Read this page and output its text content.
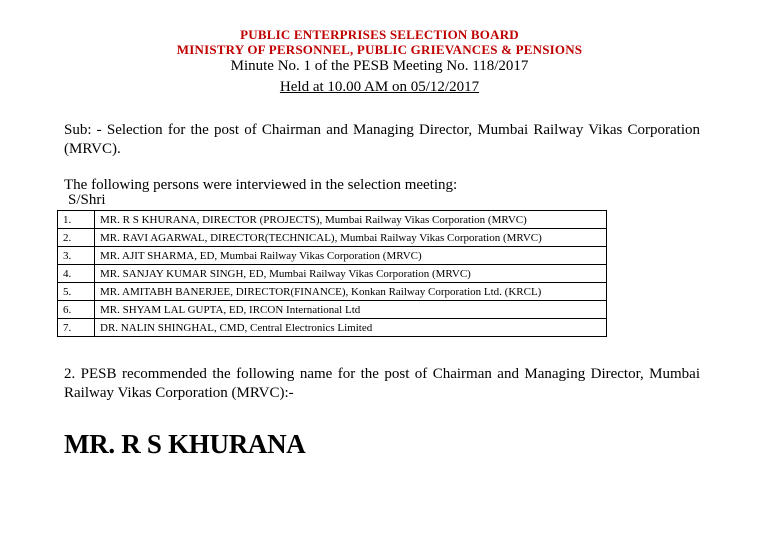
PUBLIC ENTERPRISES SELECTION BOARD
MINISTRY OF PERSONNEL, PUBLIC GRIEVANCES & PENSIONS
Minute No. 1 of the PESB Meeting No. 118/2017
Held at 10.00 AM on 05/12/2017
Sub: - Selection for the post of Chairman and Managing Director, Mumbai Railway Vikas Corporation (MRVC).
The following persons were interviewed in the selection meeting:
S/Shri
1.	MR. R S KHURANA, DIRECTOR (PROJECTS), Mumbai Railway Vikas Corporation (MRVC)
2.	MR. RAVI AGARWAL, DIRECTOR(TECHNICAL), Mumbai Railway Vikas Corporation (MRVC)
3.	MR. AJIT SHARMA, ED, Mumbai Railway Vikas Corporation (MRVC)
4.	MR. SANJAY KUMAR SINGH, ED, Mumbai Railway Vikas Corporation (MRVC)
5.	MR. AMITABH BANERJEE, DIRECTOR(FINANCE), Konkan Railway Corporation Ltd. (KRCL)
6.	MR. SHYAM LAL GUPTA, ED, IRCON International Ltd
7.	DR. NALIN SHINGHAL, CMD, Central Electronics Limited
2. PESB recommended the following name for the post of Chairman and Managing Director, Mumbai Railway Vikas Corporation (MRVC):-
MR. R S KHURANA
